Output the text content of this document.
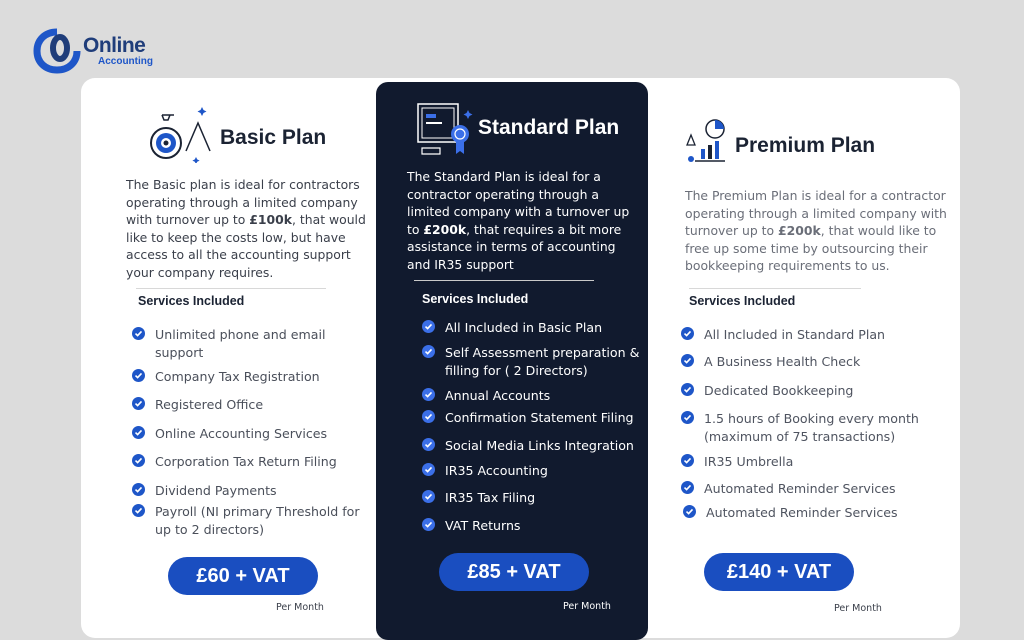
Online
Accounting
Basic Plan
The Basic plan is ideal for contractors operating through a limited company with turnover up to £100k, that would like to keep the costs low, but have access to all the accounting support your company requires.
Services Included
Unlimited phone and email support
Company Tax Registration
Registered Office
Online Accounting Services
Corporation Tax Return Filing
Dividend Payments
Payroll (NI primary Threshold for up to 2 directors)
£60 + VAT
Per Month
Standard Plan
The Standard Plan is ideal for a contractor operating through a limited company with a turnover up to £200k, that requires a bit more assistance in terms of accounting and IR35 support
Services Included
All Included in Basic Plan
Self Assessment preparation & filling for ( 2 Directors)
Annual Accounts
Confirmation Statement Filing
Social Media Links Integration
IR35 Accounting
IR35 Tax Filing
VAT Returns
£85 + VAT
Per Month
Premium Plan
The Premium Plan is ideal for a contractor operating through a limited company with turnover up to £200k, that would like to free up some time by outsourcing their bookkeeping requirements to us.
Services Included
All Included in Standard Plan
A Business Health Check
Dedicated Bookkeeping
1.5 hours of Booking every month (maximum of 75 transactions)
IR35 Umbrella
Automated Reminder Services
Automated Reminder Services
£140 + VAT
Per Month
